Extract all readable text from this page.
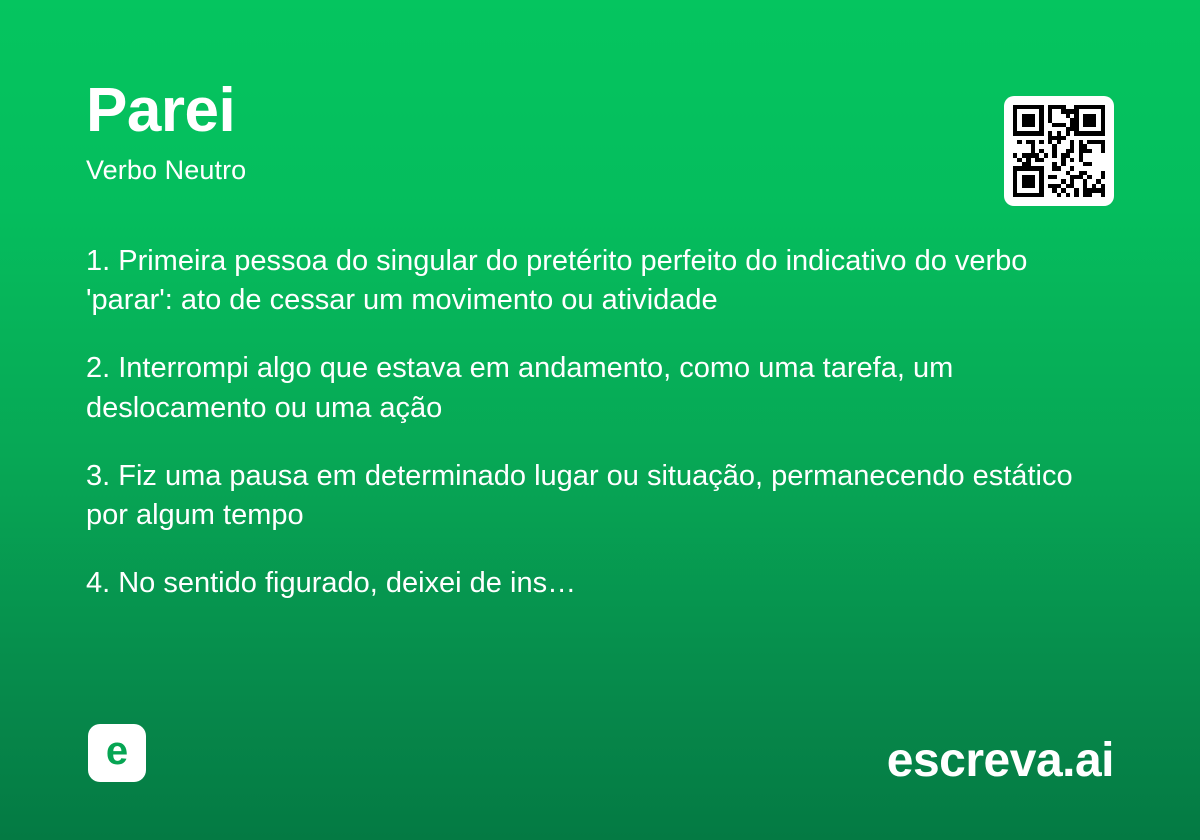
Parei
Verbo Neutro

1. Primeira pessoa do singular do pretérito perfeito do indicativo do verbo 'parar': ato de cessar um movimento ou atividade

2. Interrompi algo que estava em andamento, como uma tarefa, um deslocamento ou uma ação

3. Fiz uma pausa em determinado lugar ou situação, permanecendo estático por algum tempo

4. No sentido figurado, deixei de ins…

e	escreva.ai
